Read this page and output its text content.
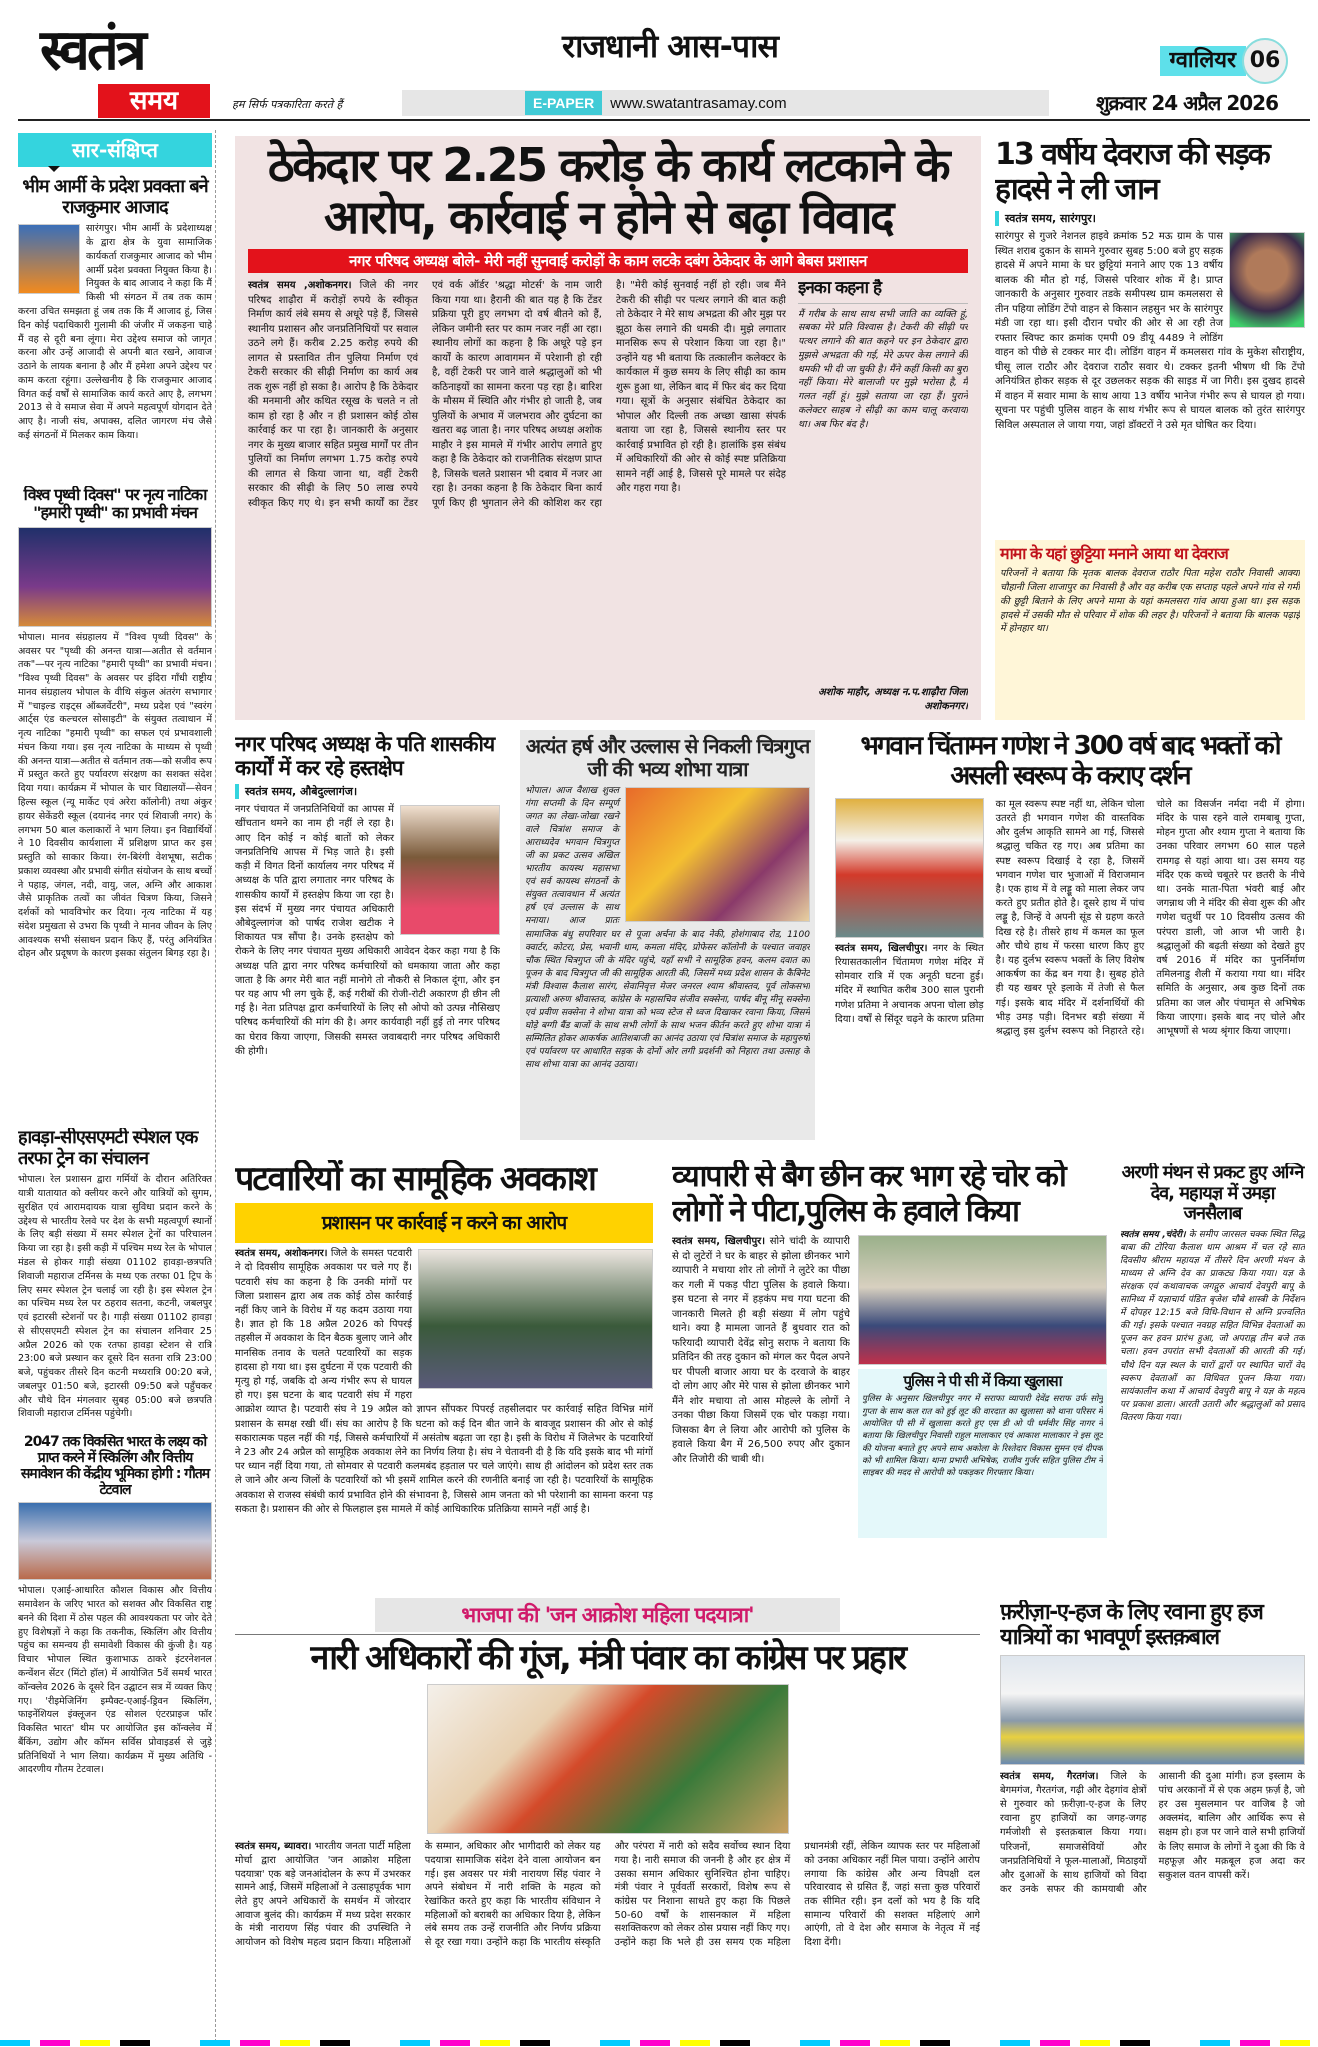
स्वतंत्र
समय	हम सिर्फ पत्रकारिता करते हैं
राजधानी आस-पास	ग्वालियर 06
E-PAPER	www.swatantrasamay.com	शुक्रवार 24 अप्रैल 2026
सार-संक्षिप्त
भीम आर्मी के प्रदेश प्रवक्ता बने राजकुमार आजाद
सारंगपुर। भीम आर्मी के प्रदेशाध्यक्ष के द्वारा क्षेत्र के युवा सामाजिक कार्यकर्ता राजकुमार आजाद को भीम आर्मी प्रदेश प्रवक्ता नियुक्त किया है। नियुक्त के बाद आजाद ने कहा कि मैं किसी भी संगठन में तब तक काम करना उचित समझता हूं जब तक कि मैं आजाद हूं, जिस दिन कोई पदाधिकारी गुलामी की जंजीर में जकड़ना चाहे मैं वह से दूरी बना लूंगा। मेरा उद्देश्य समाज को जागृत करना और उन्हें आजादी से अपनी बात रखने, आवाज उठाने के लायक बनाना है और मैं हमेशा अपने उद्देश्य पर काम करता रहूंगा। उल्लेखनीय है कि राजकुमार आजाद विगत कई वर्षों से सामाजिक कार्य करते आए है, लगभग 2013 से वे समाज सेवा में अपने महत्वपूर्ण योगदान देते आए है। नाजी संघ, अपाक्स, दलित जागरण मंच जैसे कई संगठनों में मिलकर काम किया।
विश्व पृथ्वी दिवस" पर नृत्य नाटिका "हमारी पृथ्वी" का प्रभावी मंचन
भोपाल। मानव संग्रहालय में "विश्व पृथ्वी दिवस" के अवसर पर "पृथ्वी की अनन्त यात्रा—अतीत से वर्तमान तक"—पर नृत्य नाटिका "हमारी पृथ्वी" का प्रभावी मंचन। "विश्व पृथ्वी दिवस" के अवसर पर इंदिरा गाँधी राष्ट्रीय मानव संग्रहालय भोपाल के वीथि संकुल अंतरंग सभागार में "चाइल्ड राइट्स ऑब्जर्वेटरी", मध्य प्रदेश एवं "स्वरंग आर्ट्स एंड कल्चरल सोसाइटी" के संयुक्त तत्वाधान में नृत्य नाटिका "हमारी पृथ्वी" का सफल एवं प्रभावशाली मंचन किया गया। इस नृत्य नाटिका के माध्यम से पृथ्वी की अनन्त यात्रा—अतीत से वर्तमान तक—को सजीव रूप में प्रस्तुत करते हुए पर्यावरण संरक्षण का सशक्त संदेश दिया गया। कार्यक्रम में भोपाल के चार विद्यालयों—सेवन हिल्स स्कूल (न्यू मार्केट एवं अरेरा कॉलोनी) तथा अंकुर हायर सेकेंडरी स्कूल (दयानंद नगर एवं शिवाजी नगर) के लगभग 50 बाल कलाकारों ने भाग लिया। इन विद्यार्थियों ने 10 दिवसीय कार्यशाला में प्रशिक्षण प्राप्त कर इस प्रस्तुति को साकार किया। रंग-बिरंगी वेशभूषा, सटीक प्रकाश व्यवस्था और प्रभावी संगीत संयोजन के साथ बच्चों ने पहाड़, जंगल, नदी, वायु, जल, अग्नि और आकाश जैसे प्राकृतिक तत्वों का जीवंत चित्रण किया, जिसने दर्शकों को भावविभोर कर दिया। नृत्य नाटिका में यह संदेश प्रमुखता से उभरा कि पृथ्वी ने मानव जीवन के लिए आवश्यक सभी संसाधन प्रदान किए हैं, परंतु अनियंत्रित दोहन और प्रदूषण के कारण इसका संतुलन बिगड़ रहा है।
हावड़ा-सीएसएमटी स्पेशल एक तरफा ट्रेन का संचालन
भोपाल। रेल प्रशासन द्वारा गर्मियों के दौरान अतिरिक्त यात्री यातायात को क्लीयर करने और यात्रियों को सुगम, सुरक्षित एवं आरामदायक यात्रा सुविधा प्रदान करने के उद्देश्य से भारतीय रेलवे पर देश के सभी महत्वपूर्ण स्थानों के लिए बड़ी संख्या में समर स्पेशल ट्रेनों का परिचालन किया जा रहा है। इसी कड़ी में पश्चिम मध्य रेल के भोपाल मंडल से होकर गाड़ी संख्या 01102 हावड़ा-छत्रपति शिवाजी महाराज टर्मिनस के मध्य एक तरफा 01 ट्रिप के लिए समर स्पेशल ट्रेन चलाई जा रही है। इस स्पेशल ट्रेन का पश्चिम मध्य रेल पर ठहराव सतना, कटनी, जबलपुर एवं इटारसी स्टेशनों पर है। गाड़ी संख्या 01102 हावड़ा से सीएसएमटी स्पेशल ट्रेन का संचालन शनिवार 25 अप्रैल 2026 को एक रतफा हावड़ा स्टेशन से रात्रि 23:00 बजे प्रस्थान कर दूसरे दिन सतना रात्रि 23:00 बजे, पहुंचकर तीसरे दिन कटनी मध्यरात्रि 00:20 बजे, जबलपुर 01:50 बजे, इटारसी 09:50 बजे पहुँचकर और चौथे दिन मंगलवार सुबह 05:00 बजे छत्रपति शिवाजी महाराज टर्मिनस पहुंचेगी।
2047 तक विकसित भारत के लक्ष्य को प्राप्त करने में स्किलिंग और वित्तीय समावेशन की केंद्रीय भूमिका होगी : गौतम टेटवाल
भोपाल। एआई-आधारित कौशल विकास और वित्तीय समावेशन के जरिए भारत को सशक्त और विकसित राष्ट्र बनने की दिशा में ठोस पहल की आवश्यकता पर जोर देते हुए विशेषज्ञों ने कहा कि तकनीक, स्किलिंग और वित्तीय पहुंच का समन्वय ही समावेशी विकास की कुंजी है। यह विचार भोपाल स्थित कुशाभाऊ ठाकरे इंटरनेशनल कन्वेंशन सेंटर (मिंटो हॉल) में आयोजित 5वें समर्थ भारत कॉन्क्लेव 2026 के दूसरे दिन उद्घाटन सत्र में व्यक्त किए गए। 'रीइमेजिनिंग इम्पैक्ट-एआई-ड्रिवन स्किलिंग, फाइनेंशियल इंक्लूजन एंड सोशल एंटरप्राइज फॉर विकसित भारत' थीम पर आयोजित इस कॉन्क्लेव में बैंकिंग, उद्योग और कॉमन सर्विस प्रोवाइडर्स से जुड़े प्रतिनिधियों ने भाग लिया। कार्यक्रम में मुख्य अतिथि - आदरणीय गौतम टेटवाल।
ठेकेदार पर 2.25 करोड़ के कार्य लटकाने के आरोप, कार्रवाई न होने से बढ़ा विवाद
नगर परिषद अध्यक्ष बोले- मेरी नहीं सुनवाई करोड़ों के काम लटके दबंग ठेकेदार के आगे बेबस प्रशासन
स्वतंत्र समय ,अशोकनगर। जिले की नगर परिषद शाढ़ौरा में करोड़ों रुपये के स्वीकृत निर्माण कार्य लंबे समय से अधूरे पड़े हैं, जिससे स्थानीय प्रशासन और जनप्रतिनिधियों पर सवाल उठने लगे हैं। करीब 2.25 करोड़ रुपये की लागत से प्रस्तावित तीन पुलिया निर्माण एवं टेकरी सरकार की सीढ़ी निर्माण का कार्य अब तक शुरू नहीं हो सका है। आरोप है कि ठेकेदार की मनमानी और कथित रसूख के चलते न तो काम हो रहा है और न ही प्रशासन कोई ठोस कार्रवाई कर पा रहा है। जानकारी के अनुसार नगर के मुख्य बाजार सहित प्रमुख मार्गों पर तीन पुलियों का निर्माण लगभग 1.75 करोड़ रुपये की लागत से किया जाना था, वहीं टेकरी सरकार की सीढ़ी के लिए 50 लाख रुपये स्वीकृत किए गए थे। इन सभी कार्यों का टेंडर एवं वर्क ऑर्डर 'श्रद्धा मोटर्स' के नाम जारी किया गया था। हैरानी की बात यह है कि टेंडर प्रक्रिया पूरी हुए लगभग दो वर्ष बीतने को हैं, लेकिन जमीनी स्तर पर काम नजर नहीं आ रहा। स्थानीय लोगों का कहना है कि अधूरे पड़े इन कार्यों के कारण आवागमन में परेशानी हो रही है, वहीं टेकरी पर जाने वाले श्रद्धालुओं को भी कठिनाइयों का सामना करना पड़ रहा है। बारिश के मौसम में स्थिति और गंभीर हो जाती है, जब पुलियों के अभाव में जलभराव और दुर्घटना का खतरा बढ़ जाता है। नगर परिषद अध्यक्ष अशोक माहौर ने इस मामले में गंभीर आरोप लगाते हुए कहा है कि ठेकेदार को राजनीतिक संरक्षण प्राप्त है, जिसके चलते प्रशासन भी दबाव में नजर आ रहा है। उनका कहना है कि ठेकेदार बिना कार्य पूर्ण किए ही भुगतान लेने की कोशिश कर रहा है। "मेरी कोई सुनवाई नहीं हो रही। जब मैंने टेकरी की सीढ़ी पर पत्थर लगाने की बात कही तो ठेकेदार ने मेरे साथ अभद्रता की और मुझ पर झूठा केस लगाने की धमकी दी। मुझे लगातार मानसिक रूप से परेशान किया जा रहा है।" उन्होंने यह भी बताया कि तत्कालीन कलेक्टर के कार्यकाल में कुछ समय के लिए सीढ़ी का काम शुरू हुआ था, लेकिन बाद में फिर बंद कर दिया गया। सूत्रों के अनुसार संबंधित ठेकेदार का भोपाल और दिल्ली तक अच्छा खासा संपर्क बताया जा रहा है, जिससे स्थानीय स्तर पर कार्रवाई प्रभावित हो रही है। हालांकि इस संबंध में अधिकारियों की ओर से कोई स्पष्ट प्रतिक्रिया सामने नहीं आई है, जिससे पूरे मामले पर संदेह और गहरा गया है।
इनका कहना है
मैं गरीब के साथ साथ सभी जाति का व्यक्ति हूं, सबका मेरे प्रति विश्वास है। टेकरी की सीढ़ी पर पत्थर लगाने की बात कहने पर इन ठेकेदार द्वारा मुझसे अभद्रता की गई, मेरे ऊपर केस लगाने की धमकी भी दी जा चुकी है। मैंने कहीं किसी का बुरा नहीं किया। मेरे बालाजी पर मुझे भरोसा है, मैं गलत नहीं हूं। मुझे सताया जा रहा हैं। पुराने कलेक्टर साहब ने सीढ़ी का काम चालू करवाया था। अब फिर बंद है।
अशोक माहौर, अध्यक्ष न.प.शाढ़ौरा जिला अशोकनगर।
13 वर्षीय देवराज की सड़क हादसे ने ली जान
स्वतंत्र समय, सारंगपुर।
सारंगपुर से गुजरे नेशनल हाइवे क्रमांक 52 मऊ ग्राम के पास स्थित शराब दुकान के सामने गुरुवार सुबह 5:00 बजे हुए सड़क हादसे में अपने मामा के घर छुट्टियां मनाने आए एक 13 वर्षीय बालक की मौत हो गई, जिससे परिवार शोक में है। प्राप्त जानकारी के अनुसार गुरुवार तडके समीपस्थ ग्राम कमलसरा से तीन पहिया लोडिंग टेंपो वाहन से किसान लहसुन भर के सारंगपुर मंडी जा रहा था। इसी दौरान पचोर की ओर से आ रही तेज रफ्तार स्विफ्ट कार क्रमांक एमपी 09 डीयू 4489 ने लोडिंग वाहन को पीछे से टक्कर मार दी। लोडिंग वाहन में कमलसरा गांव के मुकेश सौराष्ट्रीय, घीसू लाल राठौर और देवराज राठौर सवार थे। टक्कर इतनी भीषण थी कि टेंपो अनियंत्रित होकर सड़क से दूर उछलकर सड़क की साइड में जा गिरी। इस दुखद हादसे में वाहन में सवार मामा के साथ आया 13 वर्षीय भानेज गंभीर रूप से घायल हो गया। सूचना पर पहुंची पुलिस वाहन के साथ गंभीर रूप से घायल बालक को तुरंत सारंगपुर सिविल अस्पताल ले जाया गया, जहां डॉक्टरों ने उसे मृत घोषित कर दिया।
मामा के यहां छुट्टिया मनाने आया था देवराज
परिजनों ने बताया कि मृतक बालक देवराज राठौर पिता महेश राठौर निवासी आक्या चौहानी जिला शाजापुर का निवासी है और वह करीब एक सप्ताह पहले अपने गांव से गर्मी की छुट्टी बिताने के लिए अपने मामा के यहां कमलसरा गांव आया हुआ था। इस सड़क हादसे में उसकी मौत से परिवार में शोक की लहर है। परिजनों ने बताया कि बालक पढ़ाई में होनहार था।
नगर परिषद अध्यक्ष के पति शासकीय कार्यों में कर रहे हस्तक्षेप
स्वतंत्र समय, औबेदुल्लागंज।
नगर पंचायत में जनप्रतिनिधियों का आपस में खींचतान थमने का नाम ही नहीं ले रहा है। आए दिन कोई न कोई बातों को लेकर जनप्रतिनिधि आपस में भिड़ जाते है। इसी कड़ी में विगत दिनों कार्यालय नगर परिषद में अध्यक्ष के पति द्वारा लगातार नगर परिषद के शासकीय कार्यों में हस्तक्षेप किया जा रहा है। इस संदर्भ में मुख्य नगर पंचायत अधिकारी औबेदुल्लागंज को पार्षद राजेश खटीक ने शिकायत पत्र सौंपा है। उनके हस्तक्षेप को रोकने के लिए नगर पंचायत मुख्य अधिकारी आवेदन देकर कहा गया है कि अध्यक्ष पति द्वारा नगर परिषद कर्मचारियों को धमकाया जाता और कहा जाता है कि अगर मेरी बात नहीं मानोगे तो नौकरी से निकाल दूंगा, और इन पर यह आप भी लग चुके हैं, कई गरीबों की रोजी-रोटी अकारण ही छीन ली गई है। नेता प्रतिपक्ष द्वारा कर्मचारियों के लिए सौ ओपो को उत्पन्न नौसिखए परिषद कर्मचारियों की मांग की है। अगर कार्यवाही नहीं हुई तो नगर परिषद का घेराव किया जाएगा, जिसकी समस्त जवाबदारी नगर परिषद अधिकारी की होगी।
अत्यंत हर्ष और उल्लास से निकली चित्रगुप्त जी की भव्य शोभा यात्रा
भोपाल। आज वैशाख शुक्ल गंगा सप्तमी के दिन सम्पूर्ण जगत का लेखा-जोखा रखने वाले चित्रांश समाज के आराध्यदेव भगवान चित्रगुप्त जी का प्रकट उत्सव अखिल भारतीय कायस्थ महासभा एवं सर्व कायस्थ संगठनों के संयुक्त तत्वावधान में अत्यंत हर्ष एवं उल्लास के साथ मनाया। आज प्रातः सामाजिक बंधु सपरिवार घर से पूजा अर्चना के बाद नेकी, होशंगाबाद रोड, 1100 क्वार्टर, कोटरा, प्रेस, भवानी धाम, कमला मंदिर, प्रोफेसर कॉलोनी के पश्चात जवाहर चौक स्थित चित्रगुप्त जी के मंदिर पहुंचे, यहाँ सभी ने सामूहिक हवन, कलम दवात का पूजन के बाद चित्रगुप्त जी की सामूहिक आरती की, जिसमें मध्य प्रदेश शासन के कैबिनेट मंत्री विश्वास कैलाश सारंग, सेवानिवृत्त मेजर जनरल श्याम श्रीवास्तव, पूर्व लोकसभा प्रत्याशी अरुण श्रीवास्तव, कांग्रेस के महासचिव संजीव सक्सेना, पार्षद बीनू मीनू सक्सेना एवं प्रवीण सक्सेना ने शोभा यात्रा को भव्य स्टेज से ध्वज दिखाकर रवाना किया, जिसमें घोड़े बग्गी बैंड बाजों के साथ सभी लोगों के साथ भजन कीर्तन करते हुए शोभा यात्रा में सम्मिलित होकर आकर्षक आतिशबाजी का आनंद उठाया एवं चित्रांश समाज के महापुरुषों एवं पर्यावरण पर आधारित सड़क के दोनों ओर लगी प्रदर्शनी को निहारा तथा उत्साह के साथ शोभा यात्रा का आनंद उठाया।
भगवान चिंतामन गणेश ने 300 वर्ष बाद भक्तों को असली स्वरूप के कराए दर्शन
स्वतंत्र समय, खिलचीपुर। नगर के स्थित रियासतकालीन चिंतामण गणेश मंदिर में सोमवार रात्रि में एक अनूठी घटना हुई। मंदिर में स्थापित करीब 300 साल पुरानी गणेश प्रतिमा ने अचानक अपना चोला छोड़ दिया। वर्षों से सिंदूर चढ़ने के कारण प्रतिमा का मूल स्वरूप स्पष्ट नहीं था, लेकिन चोला उतरते ही भगवान गणेश की वास्तविक और दुर्लभ आकृति सामने आ गई, जिससे श्रद्धालु चकित रह गए। अब प्रतिमा का स्पष्ट स्वरूप दिखाई दे रहा है, जिसमें भगवान गणेश चार भुजाओं में विराजमान है। एक हाथ में वे लड्डू को माला लेकर जप करते हुए प्रतीत होते है। दूसरे हाथ में पांच लड्डू है, जिन्हें वे अपनी सूंड से ग्रहण करते दिख रहे है। तीसरे हाथ में कमल का फूल और चौथे हाथ में फरसा धारण किए हुए है। यह दुर्लभ स्वरूप भक्तों के लिए विशेष आकर्षण का केंद्र बन गया है। सुबह होते ही यह खबर पूरे इलाके में तेजी से फैल गई। इसके बाद मंदिर में दर्शनार्थियों की भीड़ उमड़ पड़ी। दिनभर बड़ी संख्या में श्रद्धालु इस दुर्लभ स्वरूप को निहारते रहे। चोले का विसर्जन नर्मदा नदी में होगा। मंदिर के पास रहने वाले रामबाबू गुप्ता, मोहन गुप्ता और श्याम गुप्ता ने बताया कि उनका परिवार लगभग 60 साल पहले रामगढ़ से यहां आया था। उस समय यह मंदिर एक कच्चे चबूतरे पर छतरी के नीचे था। उनके माता-पिता भंवरी बाई और जगन्नाथ जी ने मंदिर की सेवा शुरू की और गणेश चतुर्थी पर 10 दिवसीय उत्सव की परंपरा डाली, जो आज भी जारी है। श्रद्धालुओं की बढ़ती संख्या को देखते हुए वर्ष 2016 में मंदिर का पुनर्निर्माण तमिलनाडु शैली में कराया गया था। मंदिर समिति के अनुसार, अब कुछ दिनों तक प्रतिमा का जल और पंचामृत से अभिषेक किया जाएगा। इसके बाद नए चोले और आभूषणों से भव्य श्रृंगार किया जाएगा।
पटवारियों का सामूहिक अवकाश
प्रशासन पर कार्रवाई न करने का आरोप
स्वतंत्र समय, अशोकनगर। जिले के समस्त पटवारी ने दो दिवसीय सामूहिक अवकाश पर चले गए हैं। पटवारी संघ का कहना है कि उनकी मांगों पर जिला प्रशासन द्वारा अब तक कोई ठोस कार्रवाई नहीं किए जाने के विरोध में यह कदम उठाया गया है। ज्ञात हो कि 18 अप्रैल 2026 को पिपरई तहसील में अवकाश के दिन बैठक बुलाए जाने और मानसिक तनाव के चलते पटवारियों का सड़क हादसा हो गया था। इस दुर्घटना में एक पटवारी की मृत्यु हो गई, जबकि दो अन्य गंभीर रूप से घायल हो गए। इस घटना के बाद पटवारी संघ में गहरा आक्रोश व्याप्त है। पटवारी संघ ने 19 अप्रैल को ज्ञापन सौंपकर पिपरई तहसीलदार पर कार्रवाई सहित विभिन्न मांगें प्रशासन के समक्ष रखी थीं। संघ का आरोप है कि घटना को कई दिन बीत जाने के बावजूद प्रशासन की ओर से कोई सकारात्मक पहल नहीं की गई, जिससे कर्मचारियों में असंतोष बढ़ता जा रहा है। इसी के विरोध में जिलेभर के पटवारियों ने 23 और 24 अप्रैल को सामूहिक अवकाश लेने का निर्णय लिया है। संघ ने चेतावनी दी है कि यदि इसके बाद भी मांगों पर ध्यान नहीं दिया गया, तो सोमवार से पटवारी कलमबंद हड़ताल पर चले जाएंगे। साथ ही आंदोलन को प्रदेश स्तर तक ले जाने और अन्य जिलों के पटवारियों को भी इसमें शामिल करने की रणनीति बनाई जा रही है। पटवारियों के सामूहिक अवकाश से राजस्व संबंधी कार्य प्रभावित होने की संभावना है, जिससे आम जनता को भी परेशानी का सामना करना पड़ सकता है। प्रशासन की ओर से फिलहाल इस मामले में कोई आधिकारिक प्रतिक्रिया सामने नहीं आई है।
व्यापारी से बैग छीन कर भाग रहे चोर को लोगों ने पीटा,पुलिस के हवाले किया
स्वतंत्र समय, खिलचीपुर। सोने चांदी के व्यापारी से दो लुटेरों ने घर के बाहर से झोला छीनकर भागे व्यापारी ने मचाया शोर तो लोगों ने लुटेरे का पीछा कर गली में पकड़ पीटा पुलिस के हवाले किया। इस घटना से नगर में हड़कंप मच गया घटना की जानकारी मिलते ही बड़ी संख्या में लोग पहुंचे थाने। क्या है मामला जानते हैं बुधवार रात को फरियादी व्यापारी देवेंद्र सोनु सराफ ने बताया कि प्रतिदिन की तरह दुकान को मंगल कर पैदल अपने घर पीपली बाजार आया घर के दरवाजे के बाहर दो लोग आए और मेरे पास से झोला छीनकर भागे मैंने शोर मचाया तो आस मोहल्ले के लोगों ने उनका पीछा किया जिसमें एक चोर पकड़ा गया। जिसका बैग ले लिया और आरोपी को पुलिस के हवाले किया बैग में 26,500 रुपए और दुकान और तिजोरी की चाबी थी।
पुलिस ने पी सी में किया खुलासा
पुलिस के अनुसार खिलचीपुर नगर में सराफा व्यापारी देवेंद्र सराफ उर्फ सोनु गुप्ता के साथ कल रात को हुई लूट की वारदात का खुलासा को थाना परिसर में आयोजित पी सी में खुलासा करते हुए एस डी ओ पी धर्मवीर सिंह नागर ने बताया कि खिलचीपुर निवासी राहुल मालाकार एवं आकाश मालाकार ने इस लूट की योजना बनाते हुए अपने साथ अकोला के रिश्तेदार विकास सुमन एवं दीपक को भी शामिल किया। थाना प्रभारी अभिषेक, राजीव गुर्जर सहित पुलिस टीम ने साइबर की मदद से आरोपी को पकड़कर गिरफ्तार किया।
अरणी मंथन से प्रकट हुए अग्नि देव, महायज्ञ में उमड़ा जनसैलाब
स्वतंत्र समय ,चंदेरी। के समीप जारसल चक्क स्थित सिद्ध बाबा की टोरिया कैलाश धाम आश्रम में चल रहे सात दिवसीय श्रीराम महायज्ञ में तीसरे दिन अरणी मंथन के माध्यम से अग्नि देव का प्राकट्य किया गया। यज्ञ के संरक्षक एवं कथावाचक जगद्गुरु आचार्य देवपुरी बापू के सानिध्य में यज्ञाचार्य पंडित बृजेश चौबे शास्त्री के निर्देशन में दोपहर 12:15 बजे विधि-विधान से अग्नि प्रज्वलित की गई। इसके पश्चात नवग्रह सहित विभिन्न देवताओं का पूजन कर हवन प्रारंभ हुआ, जो अपराह्न तीन बजे तक चला। हवन उपरांत सभी देवताओं की आरती की गई। चौथे दिन यज्ञ स्थल के चारों द्वारों पर स्थापित चारों वेद स्वरूप देवताओं का विधिवत पूजन किया गया। सायंकालीन कथा में आचार्य देवपुरी बापू ने यज्ञ के महत्व पर प्रकाश डाला। आरती उतारी और श्रद्धालुओं को प्रसाद वितरण किया गया।
भाजपा की 'जन आक्रोश महिला पदयात्रा'
नारी अधिकारों की गूंज, मंत्री पंवार का कांग्रेस पर प्रहार
स्वतंत्र समय, ब्यावरा। भारतीय जनता पार्टी महिला मोर्चा द्वारा आयोजित 'जन आक्रोश महिला पदयात्रा' एक बड़े जनआंदोलन के रूप में उभरकर सामने आई, जिसमें महिलाओं ने उत्साहपूर्वक भाग लेते हुए अपने अधिकारों के समर्थन में जोरदार आवाज बुलंद की। कार्यक्रम में मध्य प्रदेश सरकार के मंत्री नारायण सिंह पंवार की उपस्थिति ने आयोजन को विशेष महत्व प्रदान किया। महिलाओं के सम्मान, अधिकार और भागीदारी को लेकर यह पदयात्रा सामाजिक संदेश देने वाला आयोजन बन गई। इस अवसर पर मंत्री नारायण सिंह पंवार ने अपने संबोधन में नारी शक्ति के महत्व को रेखांकित करते हुए कहा कि भारतीय संविधान ने महिलाओं को बराबरी का अधिकार दिया है, लेकिन लंबे समय तक उन्हें राजनीति और निर्णय प्रक्रिया से दूर रखा गया। उन्होंने कहा कि भारतीय संस्कृति और परंपरा में नारी को सदैव सर्वोच्च स्थान दिया गया है। नारी समाज की जननी है और हर क्षेत्र में उसका समान अधिकार सुनिश्चित होना चाहिए। मंत्री पंवार ने पूर्ववर्ती सरकारों, विशेष रूप से कांग्रेस पर निशाना साधते हुए कहा कि पिछले 50-60 वर्षों के शासनकाल में महिला सशक्तिकरण को लेकर ठोस प्रयास नहीं किए गए। उन्होंने कहा कि भले ही उस समय एक महिला प्रधानमंत्री रहीं, लेकिन व्यापक स्तर पर महिलाओं को उनका अधिकार नहीं मिल पाया। उन्होंने आरोप लगाया कि कांग्रेस और अन्य विपक्षी दल परिवारवाद से ग्रसित हैं, जहां सत्ता कुछ परिवारों तक सीमित रही। इन दलों को भय है कि यदि सामान्य परिवारों की सशक्त महिलाएं आगे आएंगी, तो वे देश और समाज के नेतृत्व में नई दिशा देंगी।
फ़रीज़ा-ए-हज के लिए रवाना हुए हज यात्रियों का भावपूर्ण इस्तक़बाल
स्वतंत्र समय, गैरतगंज। जिले के बेगमगंज, गैरतगंज, गढ़ी और देहगांव क्षेत्रों से गुरुवार को फ़रीज़ा-ए-हज के लिए रवाना हुए हाजियों का जगह-जगह गर्मजोशी से इस्तक़बाल किया गया। परिजनों, समाजसेवियों और जनप्रतिनिधियों ने फूल-मालाओं, मिठाइयों और दुआओं के साथ हाजियों को विदा कर उनके सफर की कामयाबी और आसानी की दुआ मांगी। हज इस्लाम के पांच अरकानों में से एक अहम फ़र्ज़ है, जो हर उस मुसलमान पर वाजिब है जो अक्लमंद, बालिग और आर्थिक रूप से सक्षम हो। हज पर जाने वाले सभी हाजियों के लिए समाज के लोगों ने दुआ की कि वे महफूज़ और मक़बूल हज अदा कर सकुशल वतन वापसी करें।
